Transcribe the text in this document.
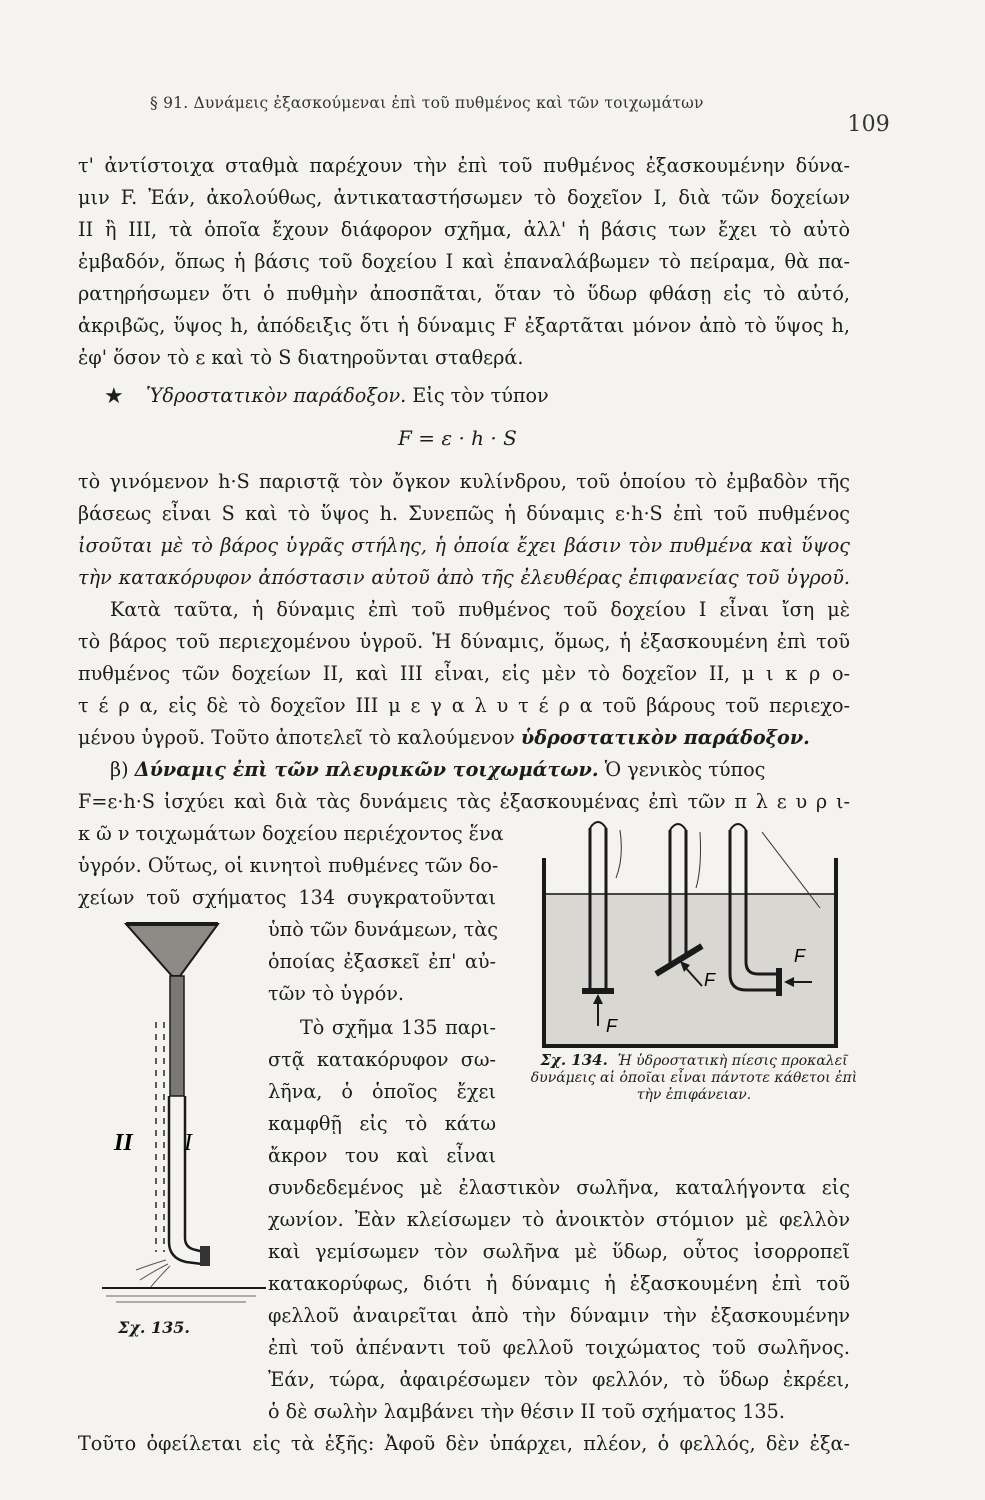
§ 91. Δυνάμεις ἐξασκούμεναι ἐπὶ τοῦ πυθμένος καὶ τῶν τοιχωμάτων
109
τ' ἀντίστοιχα σταθμὰ παρέχουν τὴν ἐπὶ τοῦ πυθμένος ἐξασκουμένην δύνα-
μιν F. Ἐάν, ἀκολούθως, ἀντικαταστήσωμεν τὸ δοχεῖον I, διὰ τῶν δοχείων
II ἢ III, τὰ ὁποῖα ἔχουν διάφορον σχῆμα, ἀλλ' ἡ βάσις των ἔχει τὸ αὐτὸ
ἐμβαδόν, ὅπως ἡ βάσις τοῦ δοχείου I καὶ ἐπαναλάβωμεν τὸ πείραμα, θὰ πα-
ρατηρήσωμεν ὅτι ὁ πυθμὴν ἀποσπᾶται, ὅταν τὸ ὕδωρ φθάσῃ εἰς τὸ αὐτό,
ἀκριβῶς, ὕψος h, ἀπόδειξις ὅτι ἡ δύναμις F ἐξαρτᾶται μόνον ἀπὸ τὸ ὕψος h,
ἐφ' ὅσον τὸ ε καὶ τὸ S διατηροῦνται σταθερά.
★ Ὑδροστατικὸν παράδοξον. Εἰς τὸν τύπον
F = ε · h · S
τὸ γινόμενον h·S παριστᾷ τὸν ὄγκον κυλίνδρου, τοῦ ὁποίου τὸ ἐμβαδὸν τῆς
βάσεως εἶναι S καὶ τὸ ὕψος h. Συνεπῶς ἡ δύναμις ε·h·S ἐπὶ τοῦ πυθμένος
ἰσοῦται μὲ τὸ βάρος ὑγρᾶς στήλης, ἡ ὁποία ἔχει βάσιν τὸν πυθμένα καὶ ὕψος
τὴν κατακόρυφον ἀπόστασιν αὐτοῦ ἀπὸ τῆς ἐλευθέρας ἐπιφανείας τοῦ ὑγροῦ.
Κατὰ ταῦτα, ἡ δύναμις ἐπὶ τοῦ πυθμένος τοῦ δοχείου I εἶναι ἴση μὲ
τὸ βάρος τοῦ περιεχομένου ὑγροῦ. Ἡ δύναμις, ὅμως, ἡ ἐξασκουμένη ἐπὶ τοῦ
πυθμένος τῶν δοχείων II, καὶ III εἶναι, εἰς μὲν τὸ δοχεῖον II, μ ι κ ρ ο-
τ έ ρ α, εἰς δὲ τὸ δοχεῖον III μ ε γ α λ υ τ έ ρ α τοῦ βάρους τοῦ περιεχο-
μένου ὑγροῦ. Τοῦτο ἀποτελεῖ τὸ καλούμενον ὑδροστατικὸν παράδοξον.
β) Δύναμις ἐπὶ τῶν πλευρικῶν τοιχωμάτων. Ὁ γενικὸς τύπος
F=ε·h·S ἰσχύει καὶ διὰ τὰς δυνάμεις τὰς ἐξασκουμένας ἐπὶ τῶν π λ ε υ ρ ι-
κ ῶ ν τοιχωμάτων δοχείου περιέχοντος ἕνα
ὑγρόν. Οὕτως, οἱ κινητοὶ πυθμένες τῶν δο-
χείων τοῦ σχήματος 134 συγκρατοῦνται
ὑπὸ τῶν δυνάμεων, τὰς
ὁποίας ἐξασκεῖ ἐπ' αὐ-
τῶν τὸ ὑγρόν.
Τὸ σχῆμα 135 παρι-
στᾷ κατακόρυφον σω-
λῆνα, ὁ ὁποῖος ἔχει
καμφθῇ εἰς τὸ κάτω
ἄκρον του καὶ εἶναι
συνδεδεμένος μὲ ἐλαστικὸν σωλῆνα, καταλήγοντα εἰς
χωνίον. Ἐὰν κλείσωμεν τὸ ἀνοικτὸν στόμιον μὲ φελλὸν
καὶ γεμίσωμεν τὸν σωλῆνα μὲ ὕδωρ, οὗτος ἰσορροπεῖ
κατακορύφως, διότι ἡ δύναμις ἡ ἐξασκουμένη ἐπὶ τοῦ
φελλοῦ ἀναιρεῖται ἀπὸ τὴν δύναμιν τὴν ἐξασκουμένην
ἐπὶ τοῦ ἀπέναντι τοῦ φελλοῦ τοιχώματος τοῦ σωλῆνος.
Ἐάν, τώρα, ἀφαιρέσωμεν τὸν φελλόν, τὸ ὕδωρ ἐκρέει,
ὁ δὲ σωλὴν λαμβάνει τὴν θέσιν II τοῦ σχήματος 135.
Τοῦτο ὀφείλεται εἰς τὰ ἑξῆς: Ἀφοῦ δὲν ὑπάρχει, πλέον, ὁ φελλός, δὲν ἐξα-
F
F
F
Σχ. 134. Ἡ ὑδροστατικὴ πίεσις προκαλεῖ δυνάμεις αἱ ὁποῖαι εἶναι πάντοτε κάθετοι ἐπὶ τὴν ἐπιφάνειαν.
II I
Σχ. 135.
